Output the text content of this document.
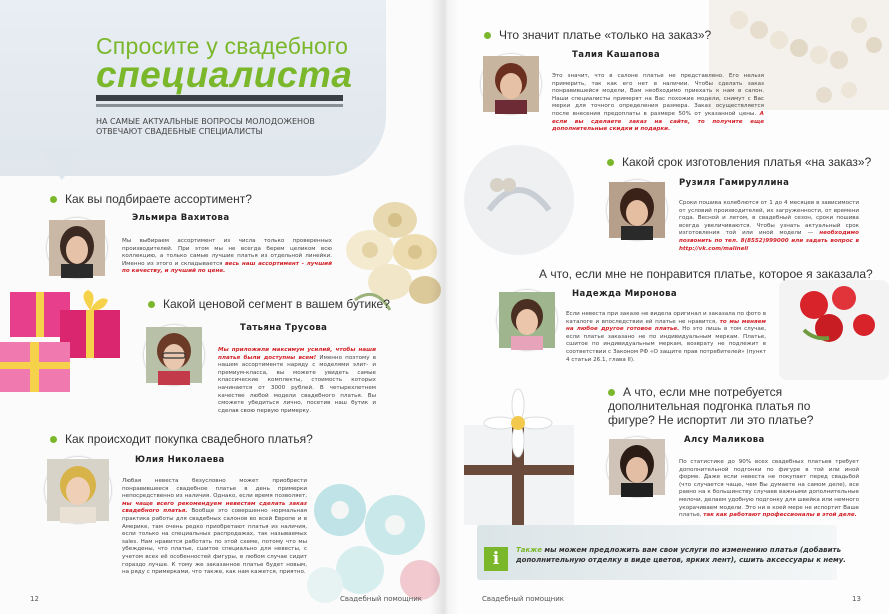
Спросите у свадебного
специалиста
НА САМЫЕ АКТУАЛЬНЫЕ ВОПРОСЫ МОЛОДОЖЕНОВ ОТВЕЧАЮТ СВАДЕБНЫЕ СПЕЦИАЛИСТЫ
Как вы подбираете ассортимент?
Эльмира Вахитова
Мы выбираем ассортимент из числа только проверенных производителей. При этом мы не всегда берем целиком всю коллекцию, а только самые лучшие платья из отдельной линейки. Именно из этого и складывается весь наш ассортимент - лучший по качеству, и лучший по цене.
Какой ценовой сегмент в вашем бутике?
Татьяна Трусова
Мы приложили максимум усилий, чтобы наши платья были доступны всем! Именно поэтому в нашем ассортименте наряду с моделями элит- и премиум-класса, вы можете увидеть самые классические комплекты, стоимость которых начинается от 3000 рублей. В четырехлетнем качестве любой модели свадебного платья. Вы сможете убедиться лично, посетив наш бутик и сделав свою первую примерку.
Как происходит покупка свадебного платья?
Юлия Николаева
Любая невеста безусловно может приобрести понравившееся свадебное платье в день примерки непосредственно из наличия. Однако, если время позволяет, мы чаще всего рекомендуем невестам сделать заказ свадебного платья. Вообще это совершенно нормальная практика работы для свадебных салонов во всей Европе и в Америке, там очень редко приобретают платья из наличия, если только на специальных распродажах, так называемых sales. Нам нравится работать по этой схеме, потому что мы убеждены, что платье, сшитое специально для невесты, с учетом всех её особенностей фигуры, в любом случае сидит гораздо лучше. К тому же заказанное платье будет новым, на ряду с примерками, что также, как нам кажется, приятно.
12	Свадебный помощник
Что значит платье «только на заказ»?
Талия Кашапова
Это значит, что в салоне платье не представлено. Его нельзя примерить, так как его нет в наличии. Чтобы сделать заказ понравившейся модели, Вам необходимо приехать к нам в салон. Наши специалисты примерят на Вас похожие модели, снимут с Вас мерки для точного определения размера. Заказ осуществляется после внесения предоплаты в размере 50% от указанной цены. А если вы сделаете заказ на сайте, то получите еще дополнительные скидки и подарки.
Какой срок изготовления платья «на заказ»?
Рузиля Гамируллина
Сроки пошива колеблются от 1 до 4 месяцев в зависимости от условий производителей, их загруженности, от времени года. Весной и летом, в свадебный сезон, сроки пошива всегда увеличиваются. Чтобы узнать актуальный срок изготовления той или иной модели — необходимо позвонить по тел. 8(8552)999000 или задать вопрос в http://vk.com/malineli
А что, если мне не понравится платье, которое я заказала?
Надежда Миронова
Если невеста при заказе не видела оригинал и заказала по фото в каталоге и впоследствии ей платье не нравится, то мы меняем на любое другое готовое платье. Но это лишь в том случае, если платье заказано не по индивидуальным меркам. Платье, сшитое по индивидуальным меркам, возврату не подлежит в соответствии с Законом РФ «О защите прав потребителей» (пункт 4 статьи 26.1, глава II).
А что, если мне потребуется дополнительная подгонка платья по фигуре? Не испортит ли это платье?
Алсу Маликова
По статистике до 90% всех свадебных платьев требует дополнительной подгонки по фигуре в той или иной форме. Даже если невеста не покупает перед свадьбой (что случается чаще, чем Вы думаете на самом деле), все равно на к большинству случаев важными дополнительные мелочи, делаем удобную подгонку для швейка или немного укорачиваем модели. Это ни в коей мере не испортит Ваше платье, так как работают профессионалы в этой деле.
i	Также мы можем предложить вам свои услуги по изменению платья (добавить дополнительную отделку в виде цветов, ярких лент), сшить аксессуары к нему.
Свадебный помощник	13
